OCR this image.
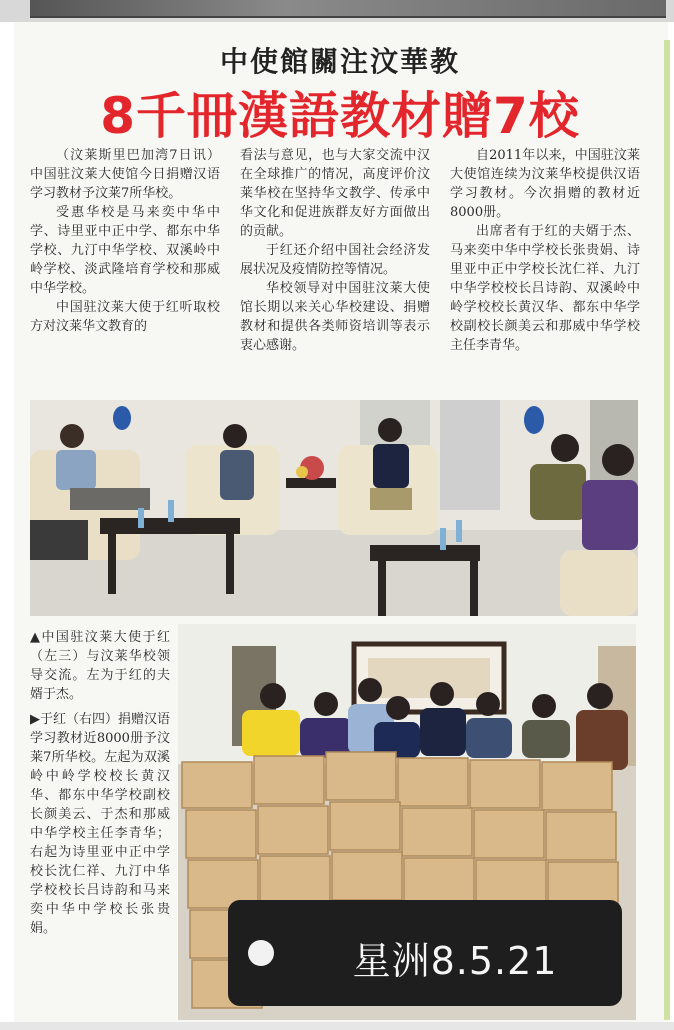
中使館關注汶華教
8千冊漢語教材贈7校

（汶莱斯里巴加湾7日讯）中国驻汶莱大使馆今日捐赠汉语学习教材予汶莱7所华校。

受惠华校是马来奕中华中学、诗里亚中正中学、都东中华学校、九汀中华学校、双溪岭中岭学校、淡武隆培育学校和那威中华学校。

中国驻汶莱大使于红听取校方对汶莱华文教育的

看法与意见，也与大家交流中汉在全球推广的情况，高度评价汶莱华校在坚持华文教学、传承中华文化和促进族群友好方面做出的贡献。

于红还介绍中国社会经济发展状况及疫情防控等情况。

华校领导对中国驻汶莱大使馆长期以来关心华校建设、捐赠教材和提供各类师资培训等表示衷心感谢。

自2011年以来，中国驻汶莱大使馆连续为汶莱华校提供汉语学习教材。今次捐赠的教材近8000册。

出席者有于红的夫婿于杰、马来奕中华中学校长张贵娟、诗里亚中正中学校长沈仁祥、九汀中华学校校长吕诗韵、双溪岭中岭学校校长黄汉华、都东中华学校副校长颜美云和那威中华学校主任李青华。

▲中国驻汶莱大使于红（左三）与汶莱华校领导交流。左为于红的夫婿于杰。

▶于红（右四）捐赠汉语学习教材近8000册予汶莱7所华校。左起为双溪岭中岭学校校长黄汉华、都东中华学校副校长颜美云、于杰和那威中华学校主任李青华；右起为诗里亚中正中学校长沈仁祥、九汀中华学校校长吕诗韵和马来奕中华中学校长张贵娟。

星洲8.5.21
